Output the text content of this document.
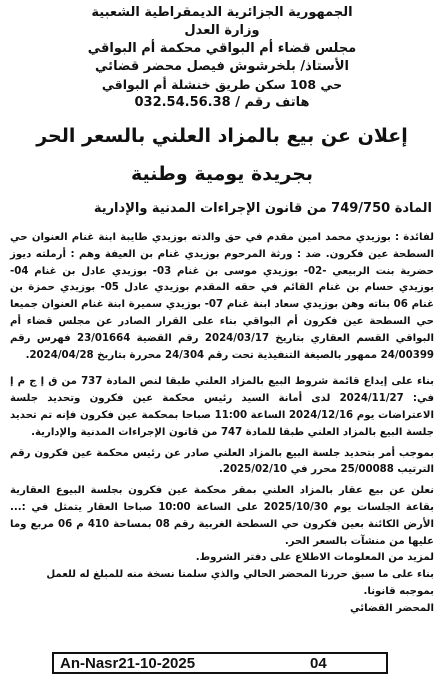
الجمهورية الجزائرية الديمقراطية الشعبية
وزارة العدل
مجلس قضاء أم البواقي محكمة أم البواقي
الأستاذ/ بلخرشوش فيصل محضر قضائي
حي 108 سكن طريق خنشلة أم البواقي
هاتف رقم / 032.54.56.38
إعلان عن بيع بالمزاد العلني بالسعر الحر
بجريدة يومية وطنية
المادة 749/750 من قانون الإجراءات المدنية والإدارية
لفائدة : بوزيدي محمد امين مقدم في حق والدته بوزيدي طايبة ابنة غنام العنوان حي السطحة عين فكرون. ضد : ورثة المرحوم بوزيدي غنام بن العيفة وهم : أرملته ديوز حضرية بنت الربيعي -02- بوزيدي موسى بن غنام 03- بوزيدي عادل بن غنام 04- بوزيدي حسام بن غنام القائم في حقه المقدم بوزيدي عادل 05- بوزيدي حمزة بن غنام 06 بناته وهن بوزيدي سعاد ابنة غنام 07- بوزيدي سميرة ابنة غنام العنوان جميعا حي السطحة عين فكرون أم البواقي بناء على القرار الصادر عن مجلس قضاء أم البواقي القسم العقاري بتاريخ 2024/03/17 رقم القضية 23/01664 فهرس رقم 24/00399 ممهور بالصيغة التنفيذية تحت رقم 24/304 محررة بتاريخ 2024/04/28.
بناء على إيداع قائمة شروط البيع بالمزاد العلني طبقا لنص المادة 737 من ق إ ج م إ في: 2024/11/27 لدى أمانة السيد رئيس محكمة عين فكرون وتحديد جلسة الاعتراضات يوم 2024/12/16 الساعة 11:00 صباحا بمحكمة عين فكرون فإنه تم تحديد جلسة البيع بالمزاد العلني طبقا للمادة 747 من قانون الإجراءات المدنية والإدارية.
بموجب أمر بتحديد جلسة البيع بالمزاد العلني صادر عن رئيس محكمة عين فكرون رقم الترتيب 25/00088 محرر في 2025/02/10.
نعلن عن بيع عقار بالمزاد العلني بمقر محكمة عين فكرون بجلسة البيوع العقارية بقاعة الجلسات يوم 2025/10/30 على الساعة 10:00 صباحا العقار يتمثل في :... الأرض الكائنة بعين فكرون حي السطحة الغربية رقم 08 بمساحة 410 م 06 مربع وما عليها من منشآت بالسعر الحر.
لمزيد من المعلومات الاطلاع على دفتر الشروط.
بناء على ما سبق حررنا المحضر الحالي والذي سلمنا نسخة منه للمبلغ له للعمل بموجبه قانونا.
المحضر القضائي
An-Nasr21-10-2025	04
